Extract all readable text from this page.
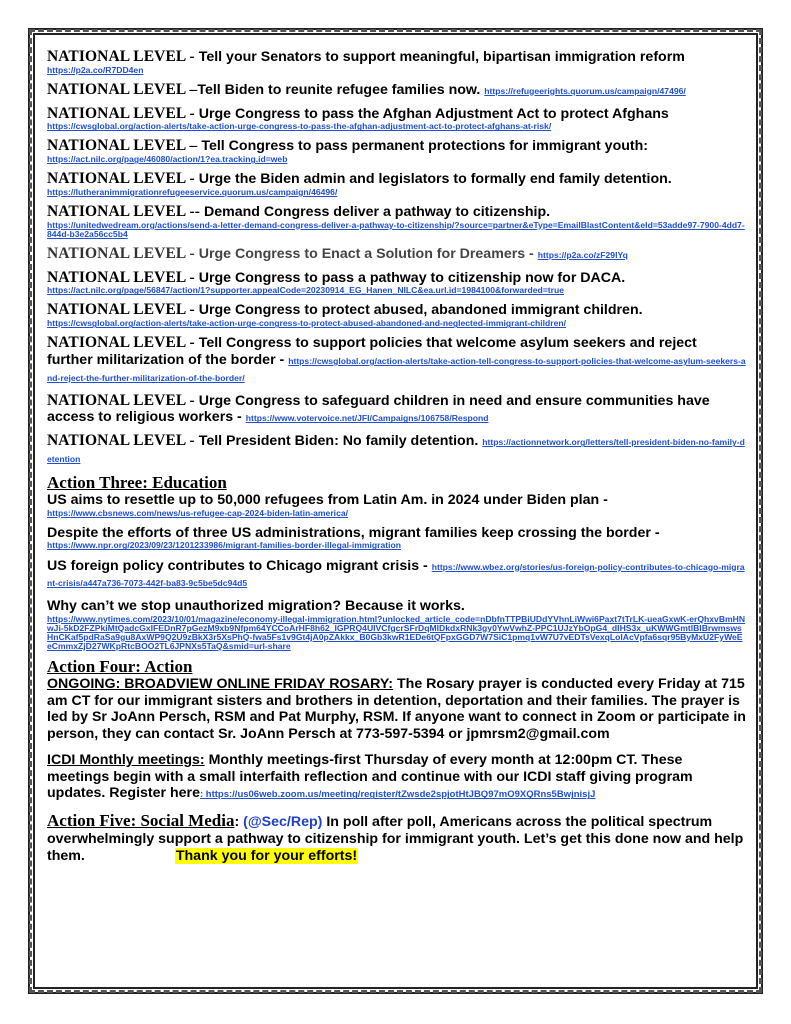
NATIONAL LEVEL - Tell your Senators to support meaningful, bipartisan immigration reform
https://p2a.co/R7DD4en
NATIONAL LEVEL –Tell Biden to reunite refugee families now. https://refugeerights.quorum.us/campaign/47496/
NATIONAL LEVEL - Urge Congress to pass the Afghan Adjustment Act to protect Afghans
https://cwsglobal.org/action-alerts/take-action-urge-congress-to-pass-the-afghan-adjustment-act-to-protect-afghans-at-risk/
NATIONAL LEVEL – Tell Congress to pass permanent protections for immigrant youth:
https://act.nilc.org/page/46080/action/1?ea.tracking.id=web
NATIONAL LEVEL - Urge the Biden admin and legislators to formally end family detention.
https://lutheranimmigrationrefugeeservice.quorum.us/campaign/46496/
NATIONAL LEVEL -- Demand Congress deliver a pathway to citizenship.
https://unitedwedream.org/actions/send-a-letter-demand-congress-deliver-a-pathway-to-citizenship/?source=partner&eType=EmailBlastContent&eId=53adde97-7900-4dd7-844d-b3e2a56cc5b4
NATIONAL LEVEL - Urge Congress to Enact a Solution for Dreamers - https://p2a.co/zF29lYq
NATIONAL LEVEL - Urge Congress to pass a pathway to citizenship now for DACA.
https://act.nilc.org/page/56847/action/1?supporter.appealCode=20230914_EG_Hanen_NILC&ea.url.id=1984100&forwarded=true
NATIONAL LEVEL - Urge Congress to protect abused, abandoned immigrant children.
https://cwsglobal.org/action-alerts/take-action-urge-congress-to-protect-abused-abandoned-and-neglected-immigrant-children/
NATIONAL LEVEL - Tell Congress to support policies that welcome asylum seekers and reject further militarization of the border - https://cwsglobal.org/action-alerts/take-action-tell-congress-to-support-policies-that-welcome-asylum-seekers-and-reject-the-further-militarization-of-the-border/
NATIONAL LEVEL - Urge Congress to safeguard children in need and ensure communities have access to religious workers - https://www.votervoice.net/JFI/Campaigns/106758/Respond
NATIONAL LEVEL - Tell President Biden: No family detention. https://actionnetwork.org/letters/tell-president-biden-no-family-detention
Action Three: Education
US aims to resettle up to 50,000 refugees from Latin Am. in 2024 under Biden plan -
https://www.cbsnews.com/news/us-refugee-cap-2024-biden-latin-america/
Despite the efforts of three US administrations, migrant families keep crossing the border -
https://www.npr.org/2023/09/23/1201233986/migrant-families-border-illegal-immigration
US foreign policy contributes to Chicago migrant crisis - https://www.wbez.org/stories/us-foreign-policy-contributes-to-chicago-migrant-crisis/a447a736-7073-442f-ba83-9c5be5dc94d5
Why can’t we stop unauthorized migration? Because it works.
https://www.nytimes.com/2023/10/01/magazine/economy-illegal-immigration.html?unlocked_article_code=nDbfnTTPBiUDdYVhnLiWwi6Paxt7tTrLK-ueaGxwK-erQhxvBmHNwJi-5kD2FZPkiMtQadcGxIFEDnR7pGezM9xb9Nfpm64YCCoArHF8h62_IGPRQ4UIVCfgcrSFrDqMlDkdxRNk3gy0YwVwhZ-PPC1UJzYbOpG4_dIHS3x_uKWWGmtlBlBrwmswsHnCKaf5pdRaSa9gu8AxWP9Q2U9zBkX3r5XsPhQ-fwa5Fs1v9Gt4jA0pZAkkx_B0Gb3kwR1EDe6tQFpxGGD7W7SiC1pmq1vW7U7vEDTsVexqLoIAcVpfa6sqr95ByMxU2FyWeEeCmmxZjD27WKpRtcBOO2TL6JPNXs5TaQ&smid=url-share
Action Four: Action
ONGOING: BROADVIEW ONLINE FRIDAY ROSARY: The Rosary prayer is conducted every Friday at 715 am CT for our immigrant sisters and brothers in detention, deportation and their families. The prayer is led by Sr JoAnn Persch, RSM and Pat Murphy, RSM. If anyone want to connect in Zoom or participate in person, they can contact Sr. JoAnn Persch at 773-597-5394 or jpmrsm2@gmail.com
ICDI Monthly meetings: Monthly meetings-first Thursday of every month at 12:00pm CT. These meetings begin with a small interfaith reflection and continue with our ICDI staff giving program updates. Register here: https://us06web.zoom.us/meeting/register/tZwsde2spjotHtJBQ97mO9XQRns5BwjnisjJ
Action Five: Social Media: (@Sec/Rep) In poll after poll, Americans across the political spectrum overwhelmingly support a pathway to citizenship for immigrant youth. Let’s get this done now and help them.	Thank you for your efforts!
